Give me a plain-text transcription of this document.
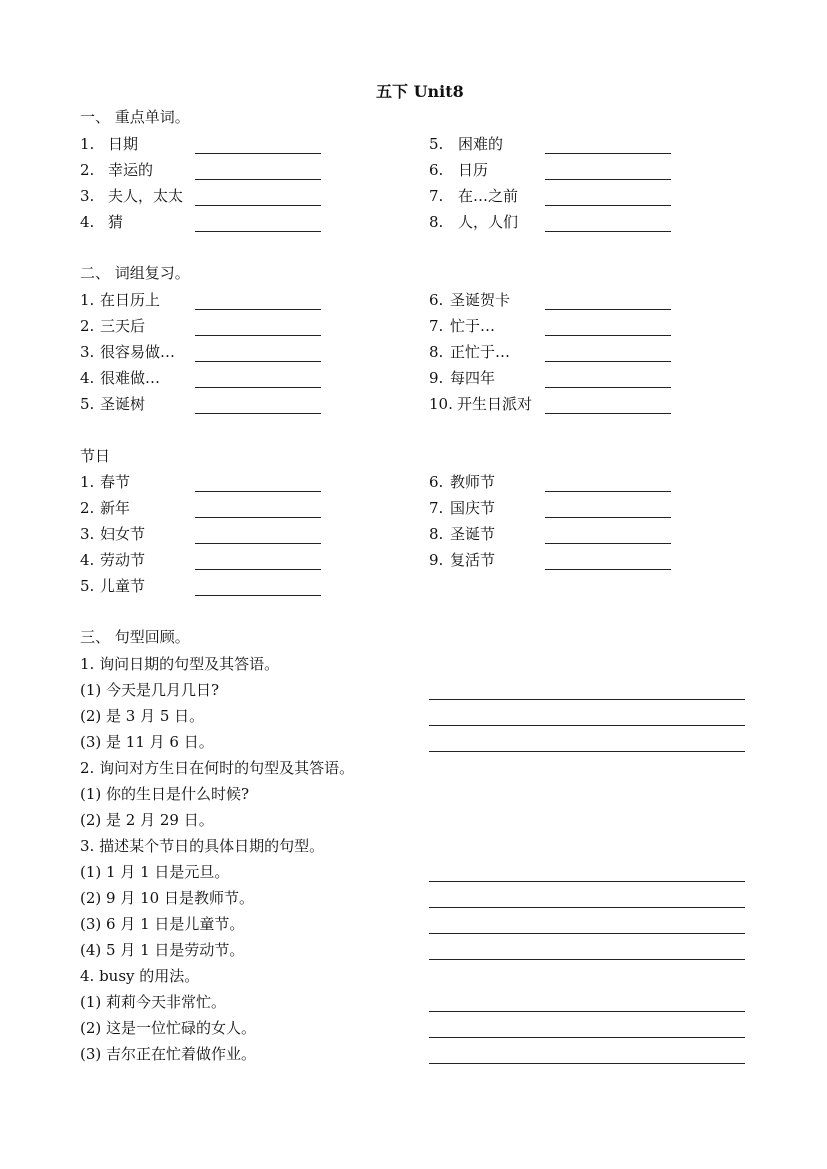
五下 Unit8
一、 重点单词。
1. 日期
2. 幸运的
3. 夫人，太太
4. 猜
5. 困难的
6. 日历
7. 在…之前
8. 人，人们
二、 词组复习。
1. 在日历上
2. 三天后
3. 很容易做…
4. 很难做…
5. 圣诞树
6. 圣诞贺卡
7. 忙于…
8. 正忙于…
9. 每四年
10. 开生日派对
节日
1. 春节
2. 新年
3. 妇女节
4. 劳动节
5. 儿童节
6. 教师节
7. 国庆节
8. 圣诞节
9. 复活节
三、 句型回顾。
1. 询问日期的句型及其答语。
(1) 今天是几月几日?
(2) 是 3 月 5 日。
(3) 是 11 月 6 日。
2. 询问对方生日在何时的句型及其答语。
(1) 你的生日是什么时候?
(2) 是 2 月 29 日。
3. 描述某个节日的具体日期的句型。
(1) 1 月 1 日是元旦。
(2) 9 月 10 日是教师节。
(3) 6 月 1 日是儿童节。
(4) 5 月 1 日是劳动节。
4. busy 的用法。
(1) 莉莉今天非常忙。
(2) 这是一位忙碌的女人。
(3) 吉尔正在忙着做作业。
